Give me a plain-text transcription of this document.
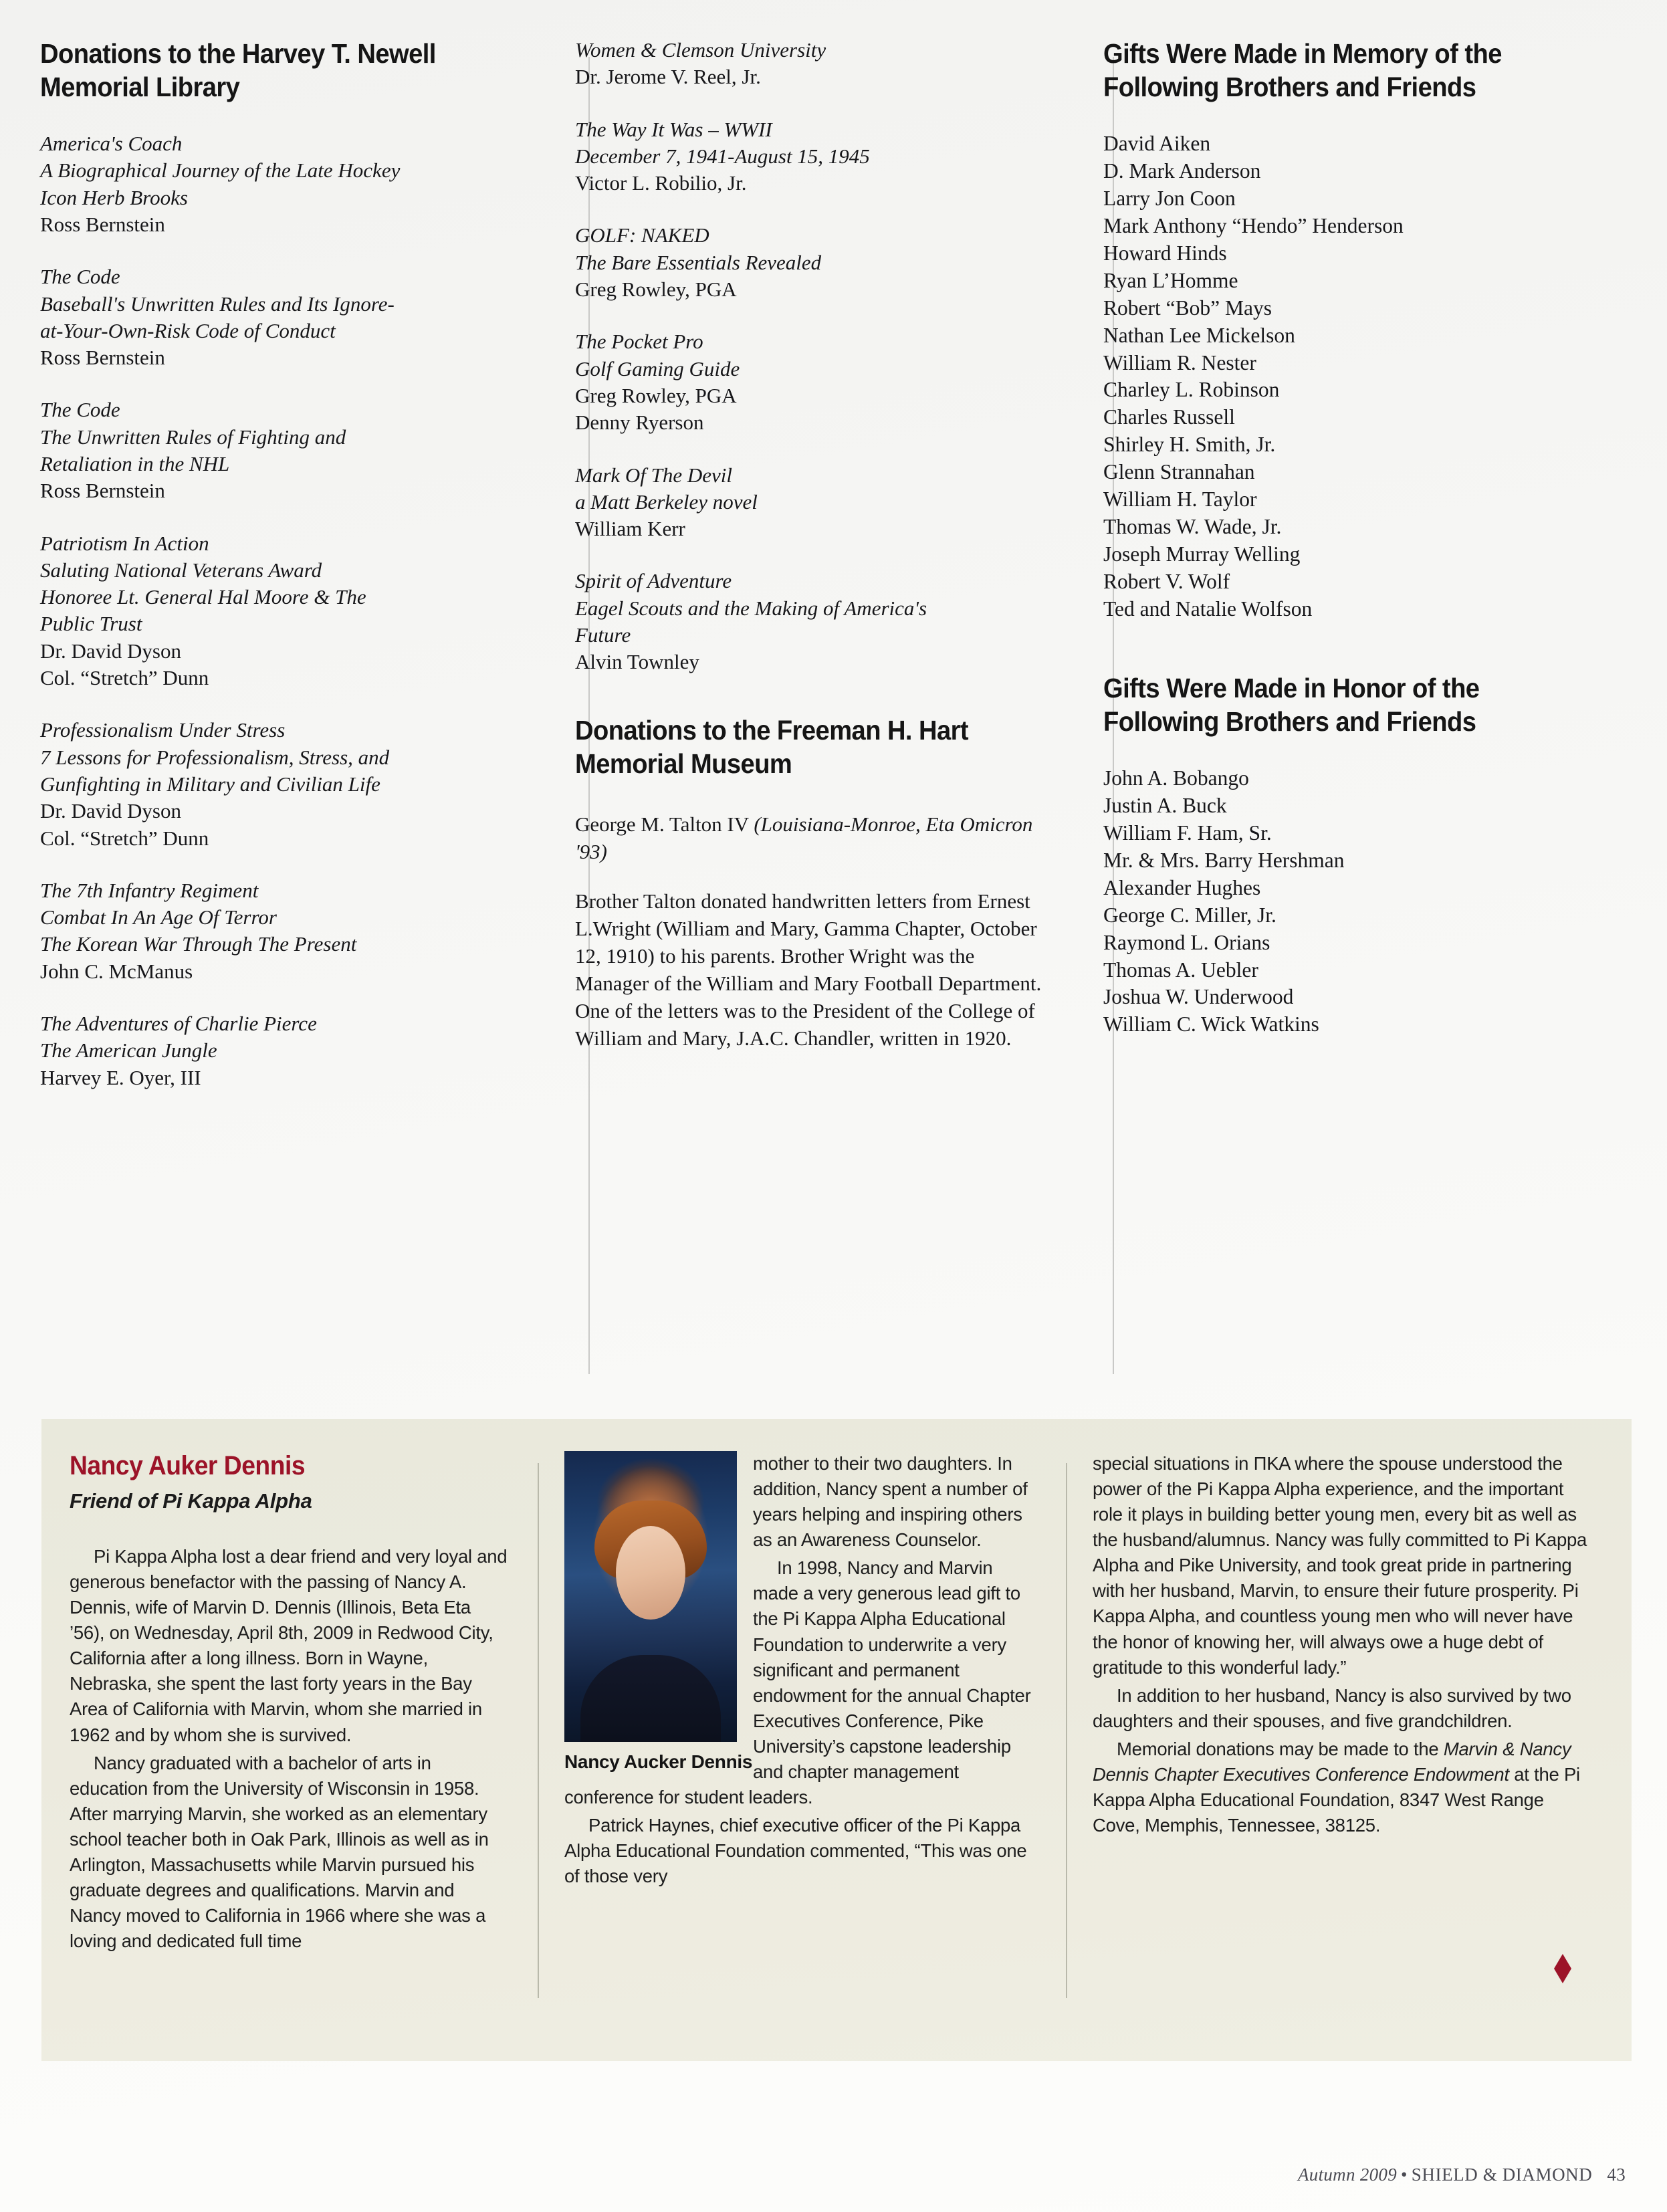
Donations to the Harvey T. Newell Memorial Library
America's Coach
A Biographical Journey of the Late Hockey
Icon Herb Brooks
Ross Bernstein
The Code
Baseball's Unwritten Rules and Its Ignore-
at-Your-Own-Risk Code of Conduct
Ross Bernstein
The Code
The Unwritten Rules of Fighting and
Retaliation in the NHL
Ross Bernstein
Patriotism In Action
Saluting National Veterans Award
Honoree Lt. General Hal Moore & The
Public Trust
Dr. David Dyson
Col. “Stretch” Dunn
Professionalism Under Stress
7 Lessons for Professionalism, Stress, and
Gunfighting in Military and Civilian Life
Dr. David Dyson
Col. “Stretch” Dunn
The 7th Infantry Regiment
Combat In An Age Of Terror
The Korean War Through The Present
John C. McManus
The Adventures of Charlie Pierce
The American Jungle
Harvey E. Oyer, III
Women & Clemson University
Dr. Jerome V. Reel, Jr.
The Way It Was – WWII
December 7, 1941-August 15, 1945
Victor L. Robilio, Jr.
GOLF: NAKED
The Bare Essentials Revealed
Greg Rowley, PGA
The Pocket Pro
Golf Gaming Guide
Greg Rowley, PGA
Denny Ryerson
Mark Of The Devil
a Matt Berkeley novel
William Kerr
Spirit of Adventure
Eagel Scouts and the Making of America's
Future
Alvin Townley
Donations to the Freeman H. Hart Memorial Museum

George M. Talton IV (Louisiana-Monroe, Eta Omicron '93)

Brother Talton donated handwritten letters from Ernest L.Wright (William and Mary, Gamma Chapter, October 12, 1910) to his parents. Brother Wright was the Manager of the William and Mary Football Department. One of the letters was to the President of the College of William and Mary, J.A.C. Chandler, written in 1920.

Gifts Were Made in Memory of the Following Brothers and Friends
David Aiken
D. Mark Anderson
Larry Jon Coon
Mark Anthony “Hendo” Henderson
Howard Hinds
Ryan L’Homme
Robert “Bob” Mays
Nathan Lee Mickelson
William R. Nester
Charley L. Robinson
Charles Russell
Shirley H. Smith, Jr.
Glenn Strannahan
William H. Taylor
Thomas W. Wade, Jr.
Joseph Murray Welling
Robert V. Wolf
Ted and Natalie Wolfson
Gifts Were Made in Honor of the Following Brothers and Friends
John A. Bobango
Justin A. Buck
William F. Ham, Sr.
Mr. & Mrs. Barry Hershman
Alexander Hughes
George C. Miller, Jr.
Raymond L. Orians
Thomas A. Uebler
Joshua W. Underwood
William C. Wick Watkins
Nancy Auker Dennis
Friend of Pi Kappa Alpha

Pi Kappa Alpha lost a dear friend and very loyal and generous benefactor with the passing of Nancy A. Dennis, wife of Marvin D. Dennis (Illinois, Beta Eta ’56), on Wednesday, April 8th, 2009 in Redwood City, California after a long illness. Born in Wayne, Nebraska, she spent the last forty years in the Bay Area of California with Marvin, whom she married in 1962 and by whom she is survived.

Nancy graduated with a bachelor of arts in education from the University of Wisconsin in 1958. After marrying Marvin, she worked as an elementary school teacher both in Oak Park, Illinois as well as in Arlington, Massachusetts while Marvin pursued his graduate degrees and qualifications. Marvin and Nancy moved to California in 1966 where she was a loving and dedicated full time

Nancy Aucker Dennis

mother to their two daughters. In addition, Nancy spent a number of years helping and inspiring others as an Awareness Counselor.

In 1998, Nancy and Marvin made a very generous lead gift to the Pi Kappa Alpha Educational Foundation to underwrite a very significant and permanent endowment for the annual Chapter Executives Conference, Pike University’s capstone leadership and chapter management conference for student leaders.

Patrick Haynes, chief executive officer of the Pi Kappa Alpha Educational Foundation commented, “This was one of those very

special situations in ΠKA where the spouse understood the power of the Pi Kappa Alpha experience, and the important role it plays in building better young men, every bit as well as the husband/alumnus. Nancy was fully committed to Pi Kappa Alpha and Pike University, and took great pride in partnering with her husband, Marvin, to ensure their future prosperity. Pi Kappa Alpha, and countless young men who will never have the honor of knowing her, will always owe a huge debt of gratitude to this wonderful lady.”

In addition to her husband, Nancy is also survived by two daughters and their spouses, and five grandchildren.

Memorial donations may be made to the Marvin & Nancy Dennis Chapter Executives Conference Endowment at the Pi Kappa Alpha Educational Foundation, 8347 West Range Cove, Memphis, Tennessee, 38125.

Autumn 2009 • SHIELD & DIAMOND 43
